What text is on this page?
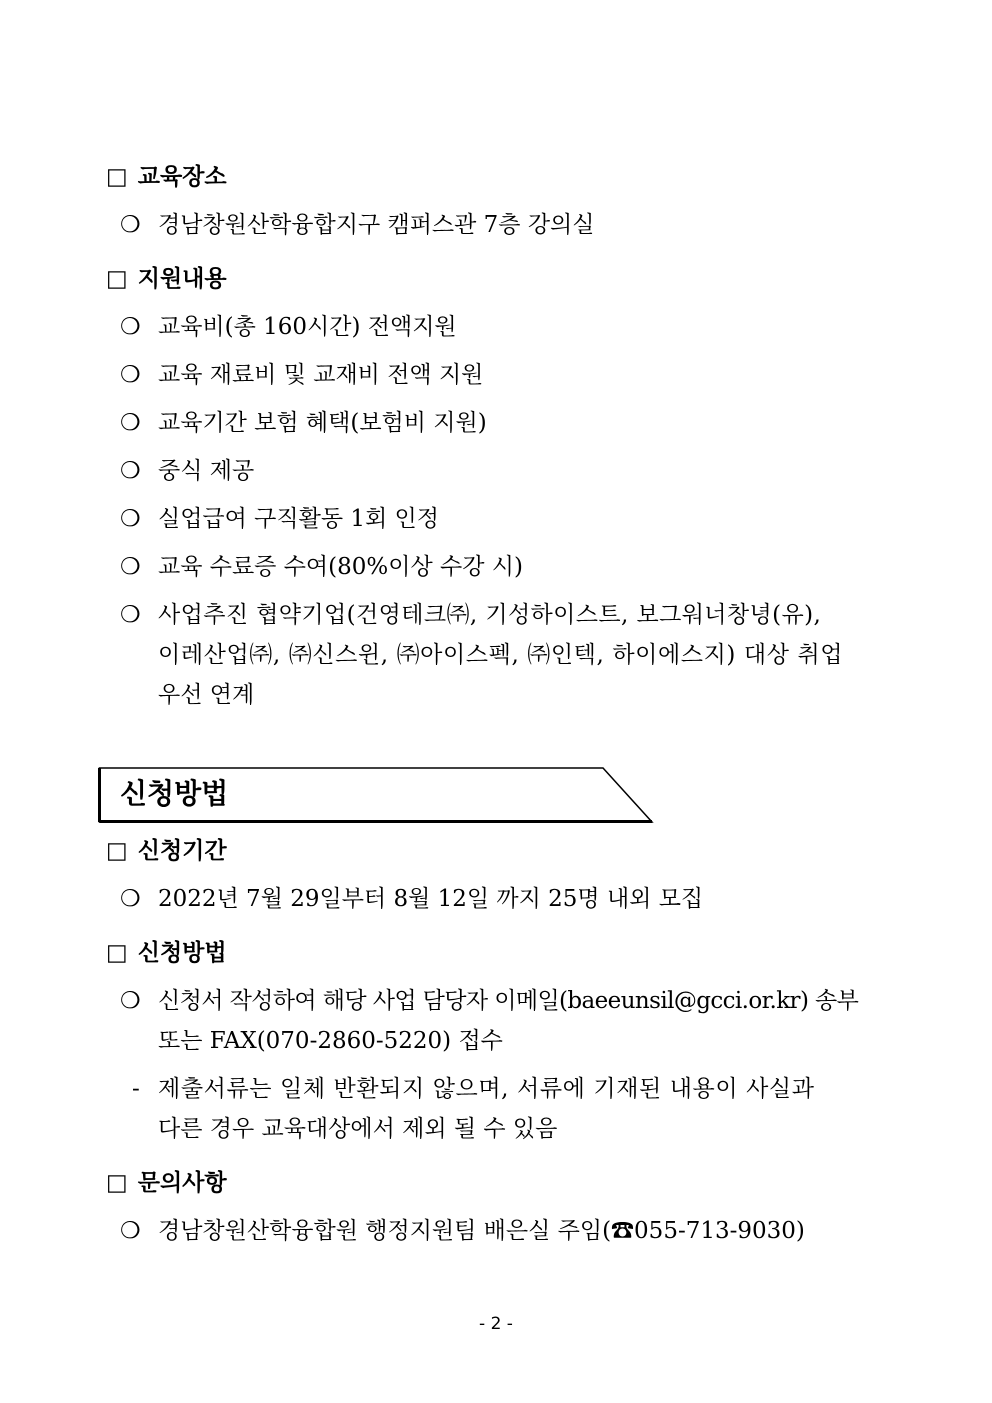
□ 교육장소
❍ 경남창원산학융합지구 캠퍼스관 7층 강의실
□ 지원내용
❍ 교육비(총 160시간) 전액지원
❍ 교육 재료비 및 교재비 전액 지원
❍ 교육기간 보험 혜택(보험비 지원)
❍ 중식 제공
❍ 실업급여 구직활동 1회 인정
❍ 교육 수료증 수여(80%이상 수강 시)
❍ 사업추진 협약기업(건영테크㈜, 기성하이스트, 보그워너창녕(유),
이레산업㈜, ㈜신스윈, ㈜아이스펙, ㈜인텍, 하이에스지) 대상 취업
우선 연계
신청방법
□ 신청기간
❍ 2022년 7월 29일부터 8월 12일 까지 25명 내외 모집
□ 신청방법
❍ 신청서 작성하여 해당 사업 담당자 이메일(baeeunsil@gcci.or.kr) 송부
또는 FAX(070-2860-5220) 접수
- 제출서류는 일체 반환되지 않으며, 서류에 기재된 내용이 사실과
다른 경우 교육대상에서 제외 될 수 있음
□ 문의사항
❍ 경남창원산학융합원 행정지원팀 배은실 주임(☎055-713-9030)
- 2 -
